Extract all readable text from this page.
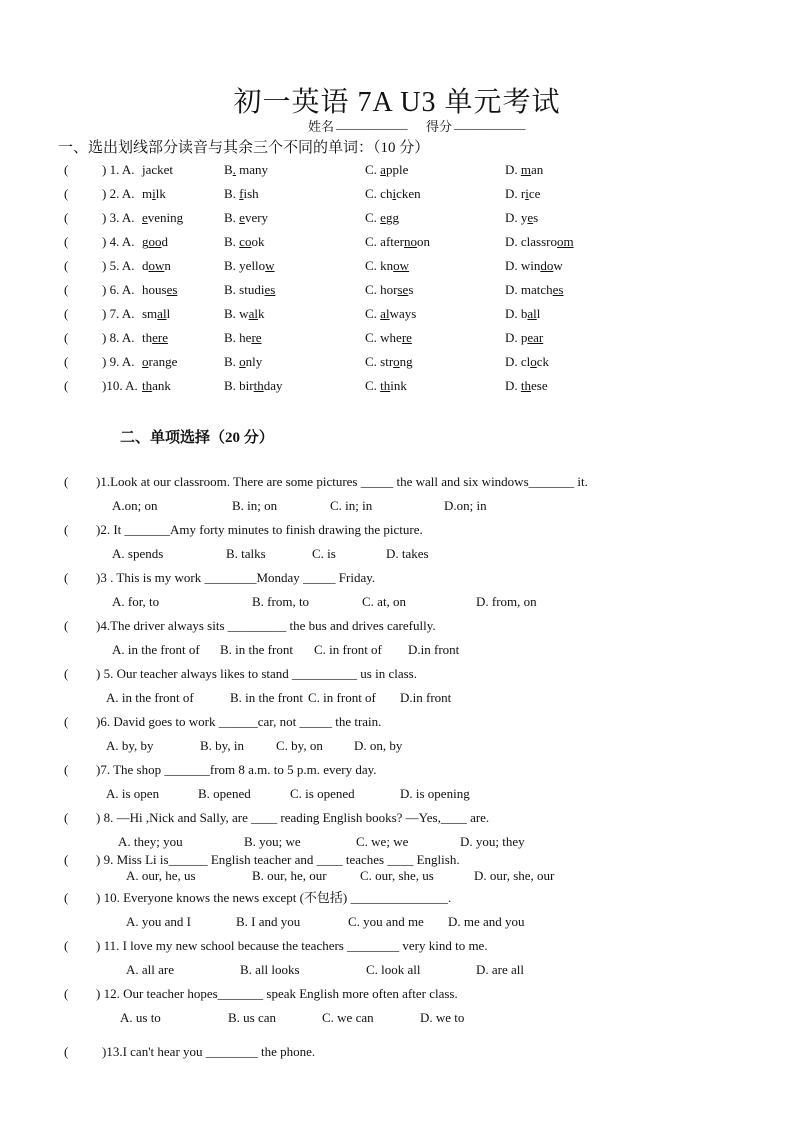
初一英语 7A U3 单元考试
姓名 ___________ 得分 ___________
一、选出划线部分读音与其余三个不同的单词：（10 分）
(	) 1. A. jacket	B. many	C. apple	D. man
(	) 2. A. milk	B. fish	C. chicken	D. rice
(	) 3. A. evening	B. every	C. egg	D. yes
(	) 4. A. good	B. cook	C. afternoon	D. classroom
(	) 5. A. down	B. yellow	C. know	D. window
(	) 6. A. houses	B. studies	C. horses	D. matches
(	) 7. A. small	B. walk	C. always	D. ball
(	) 8. A. there	B. here	C. where	D. pear
(	) 9. A. orange	B. only	C. strong	D. clock
(	)10. A. thank	B. birthday	C. think	D. these
二、单项选择（20 分）
( )1.Look at our classroom. There are some pictures _____ the wall and six windows_______ it.
A.on; on	B. in; on	C. in; in	D.on; in
( )2. It _______Amy forty minutes to finish drawing the picture.
A. spends	B. talks	C. is	D. takes
( )3 . This is my work ________Monday _____ Friday.
A. for, to	B. from, to	C. at, on	D. from, on
( )4.The driver always sits _________ the bus and drives carefully.
A. in the front of B. in the front C. in front of D.in front
( ) 5. Our teacher always likes to stand __________ us in class.
A. in the front of	B. in the front C. in front of D.in front
( )6. David goes to work ______car, not _____ the train.
A. by, by	B. by, in C. by, on D. on, by
( )7. The shop _______from 8 a.m. to 5 p.m. every day.
A. is open	B. opened	C. is opened	D. is opening
( ) 8. —Hi ,Nick and Sally, are ____ reading English books? —Yes,____ are.
A. they; you	B. you; we	C. we; we	D. you; they
( ) 9. Miss Li is______ English teacher and ____ teaches ____ English.
A. our, he, us	B. our, he, our	C. our, she, us	D. our, she, our
( ) 10. Everyone knows the news except (不包括) _______________.
A. you and I	B. I and you	C. you and me D. me and you
( ) 11. I love my new school because the teachers ________ very kind to me.
A. all are	B. all looks	C. look all	D. are all
( ) 12. Our teacher hopes_______ speak English more often after class.
A. us to	B. us can	C. we can	D. we to
(	)13.I can't hear you ________ the phone.
